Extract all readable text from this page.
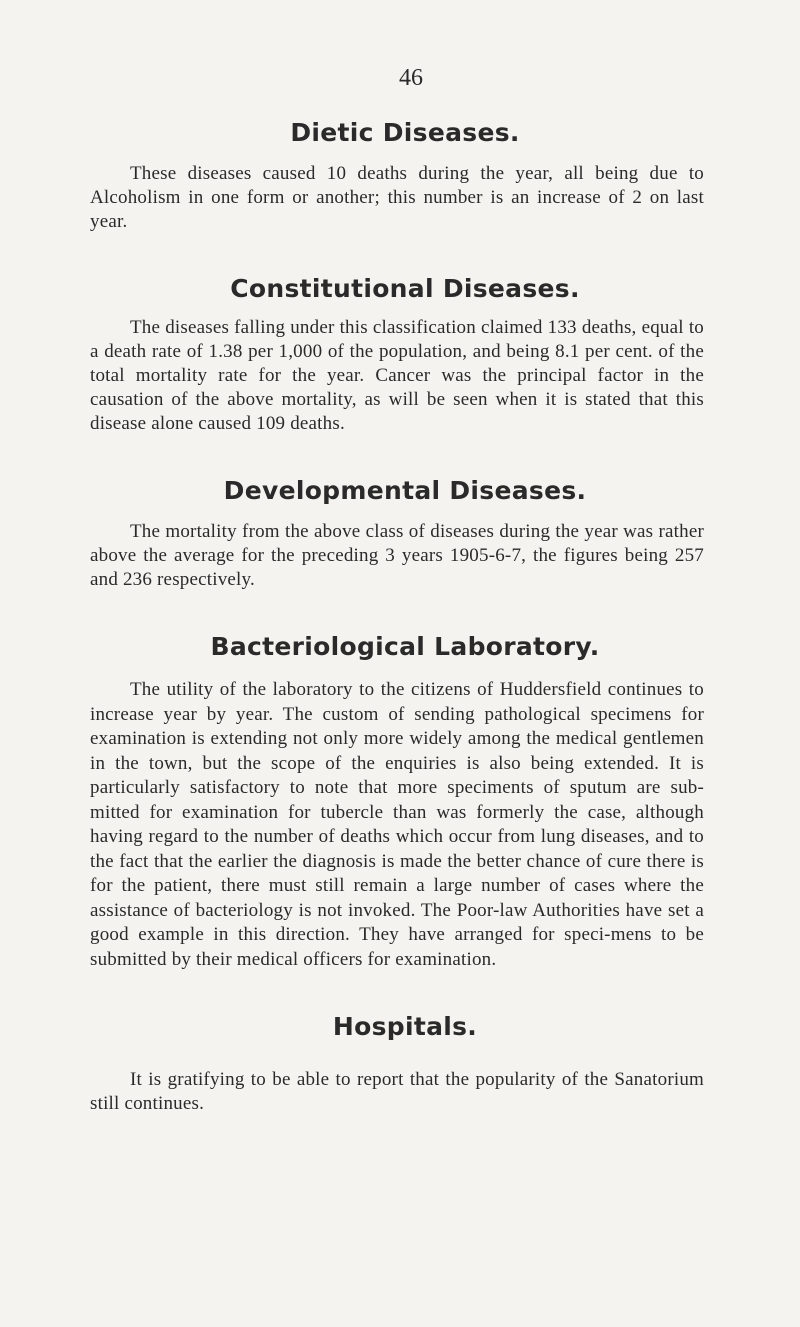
46
Dietic Diseases.

These diseases caused 10 deaths during the year, all being due to Alcoholism in one form or another; this number is an increase of 2 on last year.

Constitutional Diseases.

The diseases falling under this classification claimed 133 deaths, equal to a death rate of 1.38 per 1,000 of the population, and being 8.1 per cent. of the total mortality rate for the year. Cancer was the principal factor in the causation of the above mortality, as will be seen when it is stated that this disease alone caused 109 deaths.

Developmental Diseases.

The mortality from the above class of diseases during the year was rather above the average for the preceding 3 years 1905-6-7, the figures being 257 and 236 respectively.

Bacteriological Laboratory.

The utility of the laboratory to the citizens of Huddersfield continues to increase year by year. The custom of sending pathological specimens for examination is extending not only more widely among the medical gentlemen in the town, but the scope of the enquiries is also being extended. It is particularly satisfactory to note that more speciments of sputum are sub-mitted for examination for tubercle than was formerly the case, although having regard to the number of deaths which occur from lung diseases, and to the fact that the earlier the diagnosis is made the better chance of cure there is for the patient, there must still remain a large number of cases where the assistance of bacteriology is not invoked. The Poor-law Authorities have set a good example in this direction. They have arranged for speci-mens to be submitted by their medical officers for examination.

Hospitals.

It is gratifying to be able to report that the popularity of the Sanatorium still continues.
